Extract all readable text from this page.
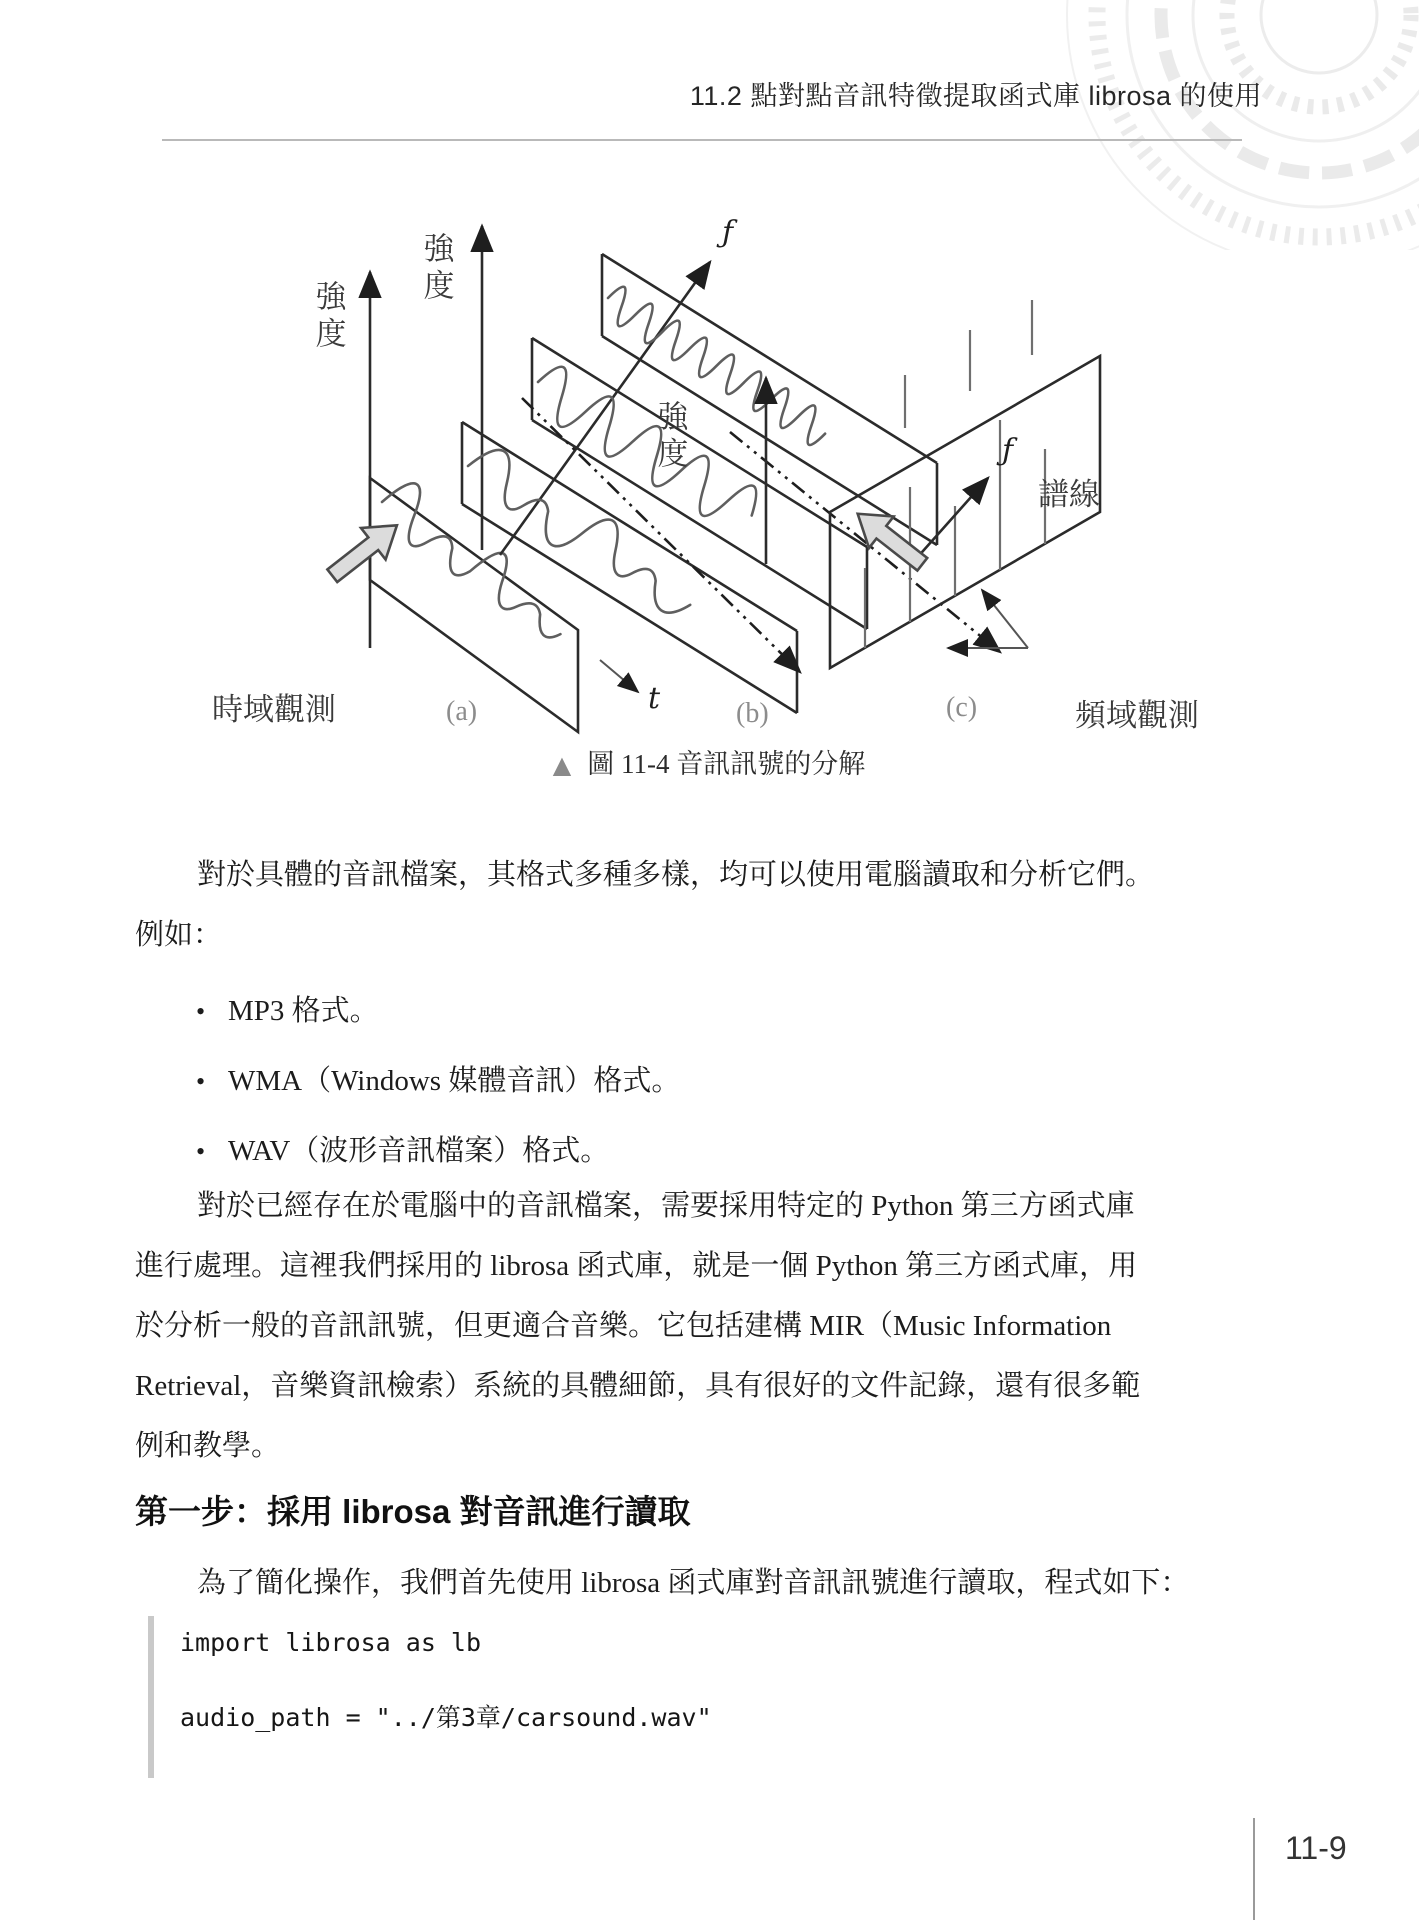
11.2 點對點音訊特徵提取函式庫 librosa 的使用
強度
t
強度	ƒ
強度	ƒ
譜線
時域觀測	(a)	(b)	(c)	頻域觀測
▲ 圖 11-4 音訊訊號的分解
對於具體的音訊檔案，其格式多種多樣，均可以使用電腦讀取和分析它們。
例如：
• MP3 格式。
• WMA（Windows 媒體音訊）格式。
• WAV（波形音訊檔案）格式。
對於已經存在於電腦中的音訊檔案，需要採用特定的 Python 第三方函式庫
進行處理。這裡我們採用的 librosa 函式庫，就是一個 Python 第三方函式庫，用
於分析一般的音訊訊號，但更適合音樂。它包括建構 MIR（Music Information
Retrieval，音樂資訊檢索）系統的具體細節，具有很好的文件記錄，還有很多範
例和教學。
第一步：採用 librosa 對音訊進行讀取
為了簡化操作，我們首先使用 librosa 函式庫對音訊訊號進行讀取，程式如下：
import librosa as lb
audio_path = "../第3章/carsound.wav"
11-9
